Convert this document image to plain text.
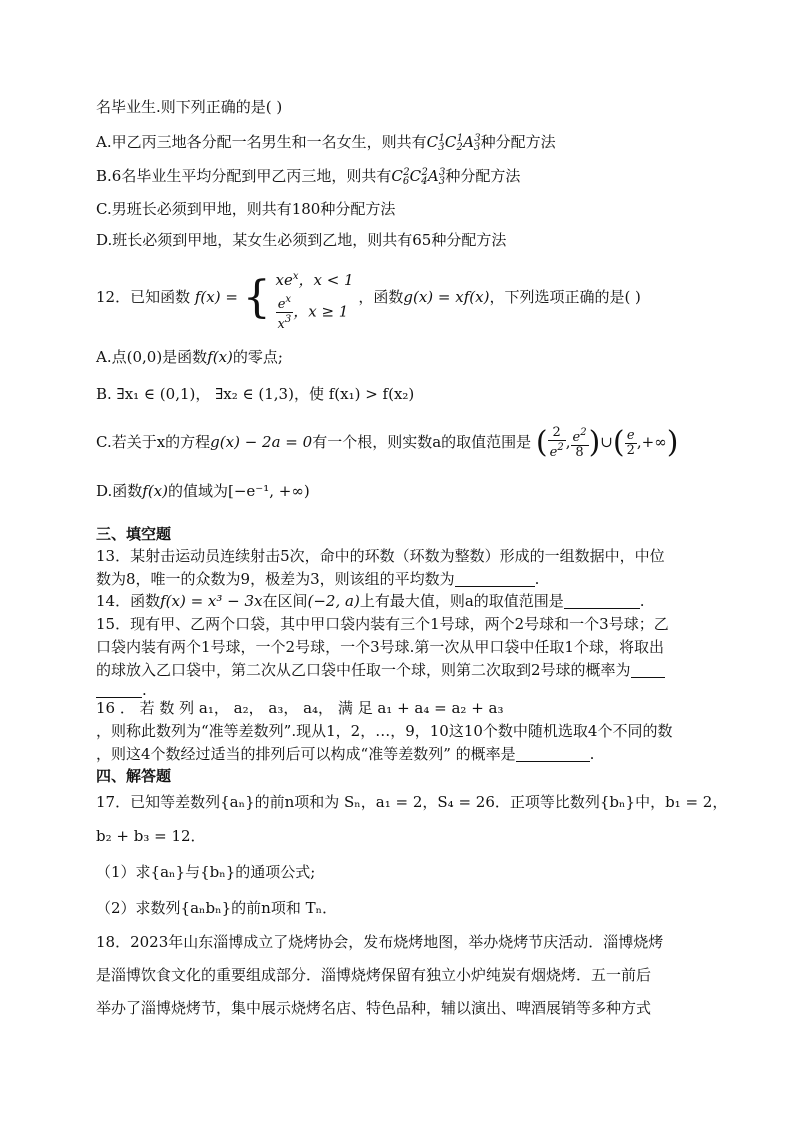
名毕业生.则下列正确的是( )
A.甲乙丙三地各分配一名男生和一名女生，则共有$C_3^1C_2^1A_3^3$种分配方法
B.6名毕业生平均分配到甲乙丙三地，则共有$C_6^2C_4^2A_3^3$种分配方法
C.男班长必须到甲地，则共有180种分配方法
D.班长必须到甲地，某女生必须到乙地，则共有65种分配方法
12．已知函数 f(x) = { $xe^x$，x < 1
$\frac{e^x}{x^3}$ ，x ≥ 1
，函数g(x) = xf(x)，下列选项正确的是( )
A.点(0,0)是函数f(x)的零点;
B. ∃x₁ ∈ (0,1)， ∃x₂ ∈ (1,3)，使 f(x₁) > f(x₂)
C.若关于x的方程g(x) − 2a = 0有一个根，则实数a的取值范围是 ( $\frac{2}{e^2}$ , $\frac{e^2}{8}$ )∪( $\frac{e}{2}$ ,+∞)
D.函数f(x)的值域为[−e⁻¹, +∞)
三、填空题
13．某射击运动员连续射击5次，命中的环数（环数为整数）形成的一组数据中，中位
数为8，唯一的众数为9，极差为3，则该组的平均数为	.
14．函数f(x) = x³ − 3x在区间(−2, a)上有最大值，则a的取值范围是	.
15．现有甲、乙两个口袋，其中甲口袋内装有三个1号球，两个2号球和一个3号球；乙
口袋内装有两个1号球，一个2号球，一个3号球.第一次从甲口袋中任取1个球，将取出
的球放入乙口袋中，第二次从乙口袋中任取一个球，则第二次取到2号球的概率为
.
16 ． 若 数 列 a₁， a₂， a₃， a₄， 满 足 a₁ + a₄ = a₂ + a₃
，则称此数列为“准等差数列”.现从1，2，…，9，10这10个数中随机选取4个不同的数
，则这4个数经过适当的排列后可以构成“准等差数列” 的概率是	.
四、解答题
17．已知等差数列{aₙ}的前n项和为 Sₙ，a₁ = 2，S₄ = 26．正项等比数列{bₙ}中，b₁ = 2，
b₂ + b₃ = 12．
（1）求{aₙ}与{bₙ}的通项公式;
（2）求数列{aₙbₙ}的前n项和 Tₙ．
18．2023年山东淄博成立了烧烤协会，发布烧烤地图，举办烧烤节庆活动．淄博烧烤
是淄博饮食文化的重要组成部分．淄博烧烤保留有独立小炉纯炭有烟烧烤．五一前后
举办了淄博烧烤节，集中展示烧烤名店、特色品种，辅以演出、啤酒展销等多种方式
